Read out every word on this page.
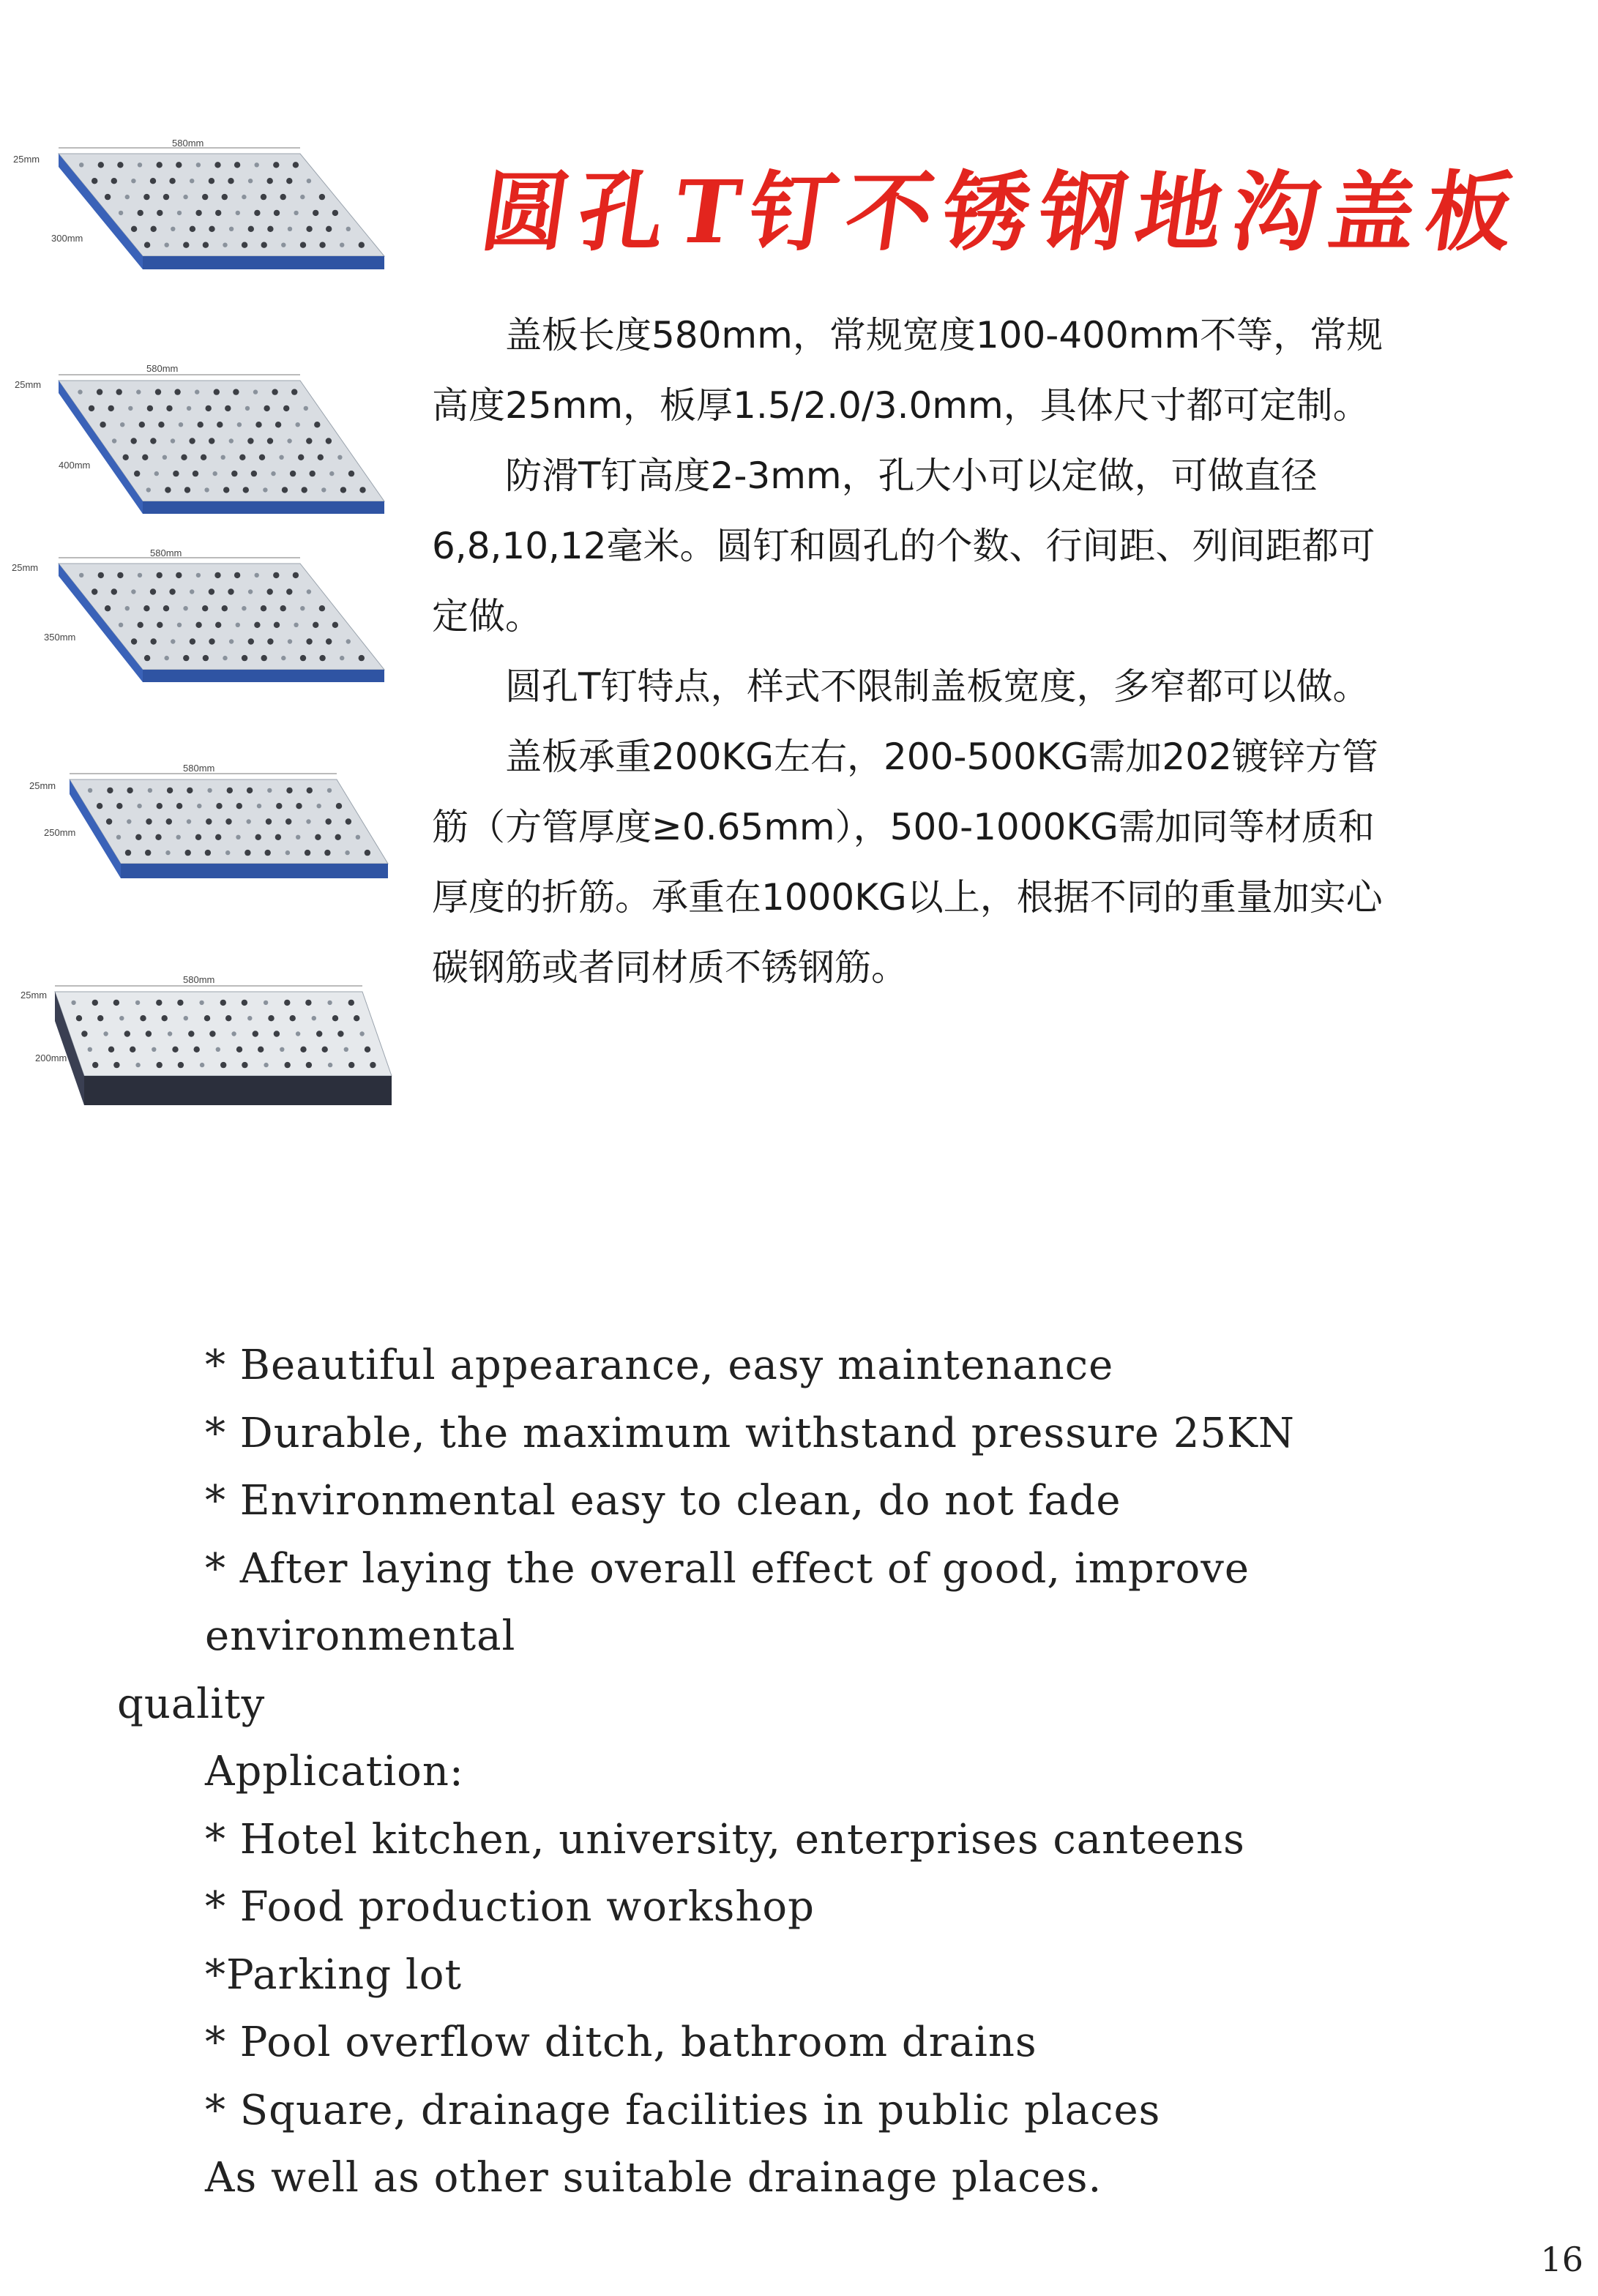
圆孔T钉不锈钢地沟盖板
580mm
25mm
300mm
580mm
25mm
400mm
580mm
25mm
350mm
580mm
25mm
250mm
580mm
25mm
200mm

盖板长度580mm，常规宽度100-400mm不等，常规高度25mm，板厚1.5/2.0/3.0mm，具体尺寸都可定制。

防滑T钉高度2-3mm，孔大小可以定做，可做直径6,8,10,12毫米。圆钉和圆孔的个数、行间距、列间距都可定做。

圆孔T钉特点，样式不限制盖板宽度，多窄都可以做。

盖板承重200KG左右，200-500KG需加202镀锌方管筋（方管厚度≥0.65mm），500-1000KG需加同等材质和厚度的折筋。承重在1000KG以上，根据不同的重量加实心碳钢筋或者同材质不锈钢筋。

* Beautiful appearance, easy maintenance

* Durable, the maximum withstand pressure 25KN

* Environmental easy to clean, do not fade

* After laying the overall effect of good, improve environmental
quality

Application:

* Hotel kitchen, university, enterprises canteens

* Food production workshop

*Parking lot

* Pool overflow ditch, bathroom drains

* Square, drainage facilities in public places

As well as other suitable drainage places.

16
